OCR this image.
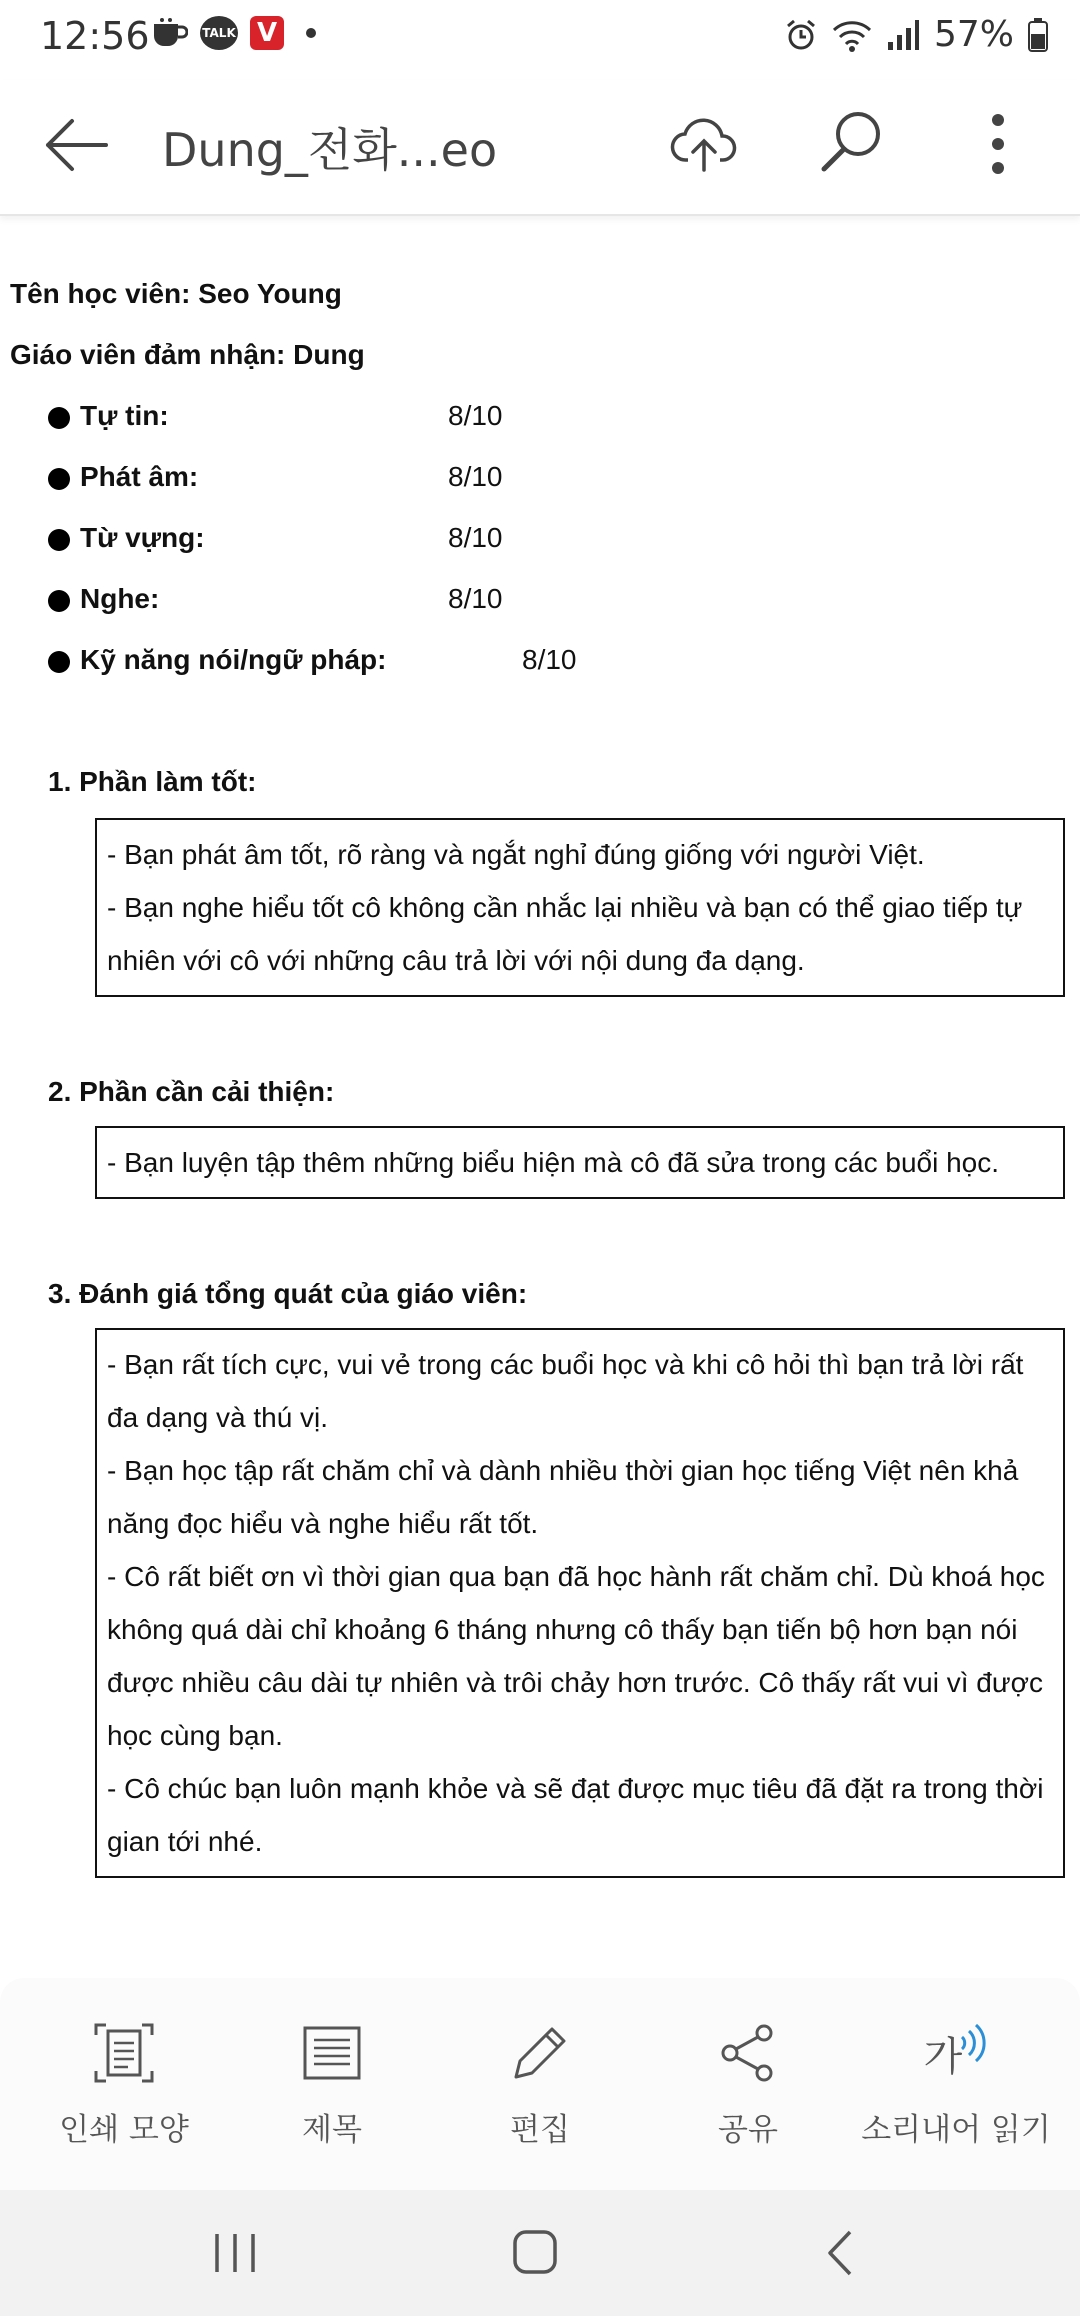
12:56	TALK V	57%
Dung_전화...eo
Tên học viên: Seo Young
Giáo viên đảm nhận: Dung
Tự tin:	8/10
Phát âm:	8/10
Từ vựng:	8/10
Nghe:	8/10
Kỹ năng nói/ngữ pháp:	8/10
1. Phần làm tốt:

- Bạn phát âm tốt, rõ ràng và ngắt nghỉ đúng giống với người Việt.

- Bạn nghe hiểu tốt cô không cần nhắc lại nhiều và bạn có thể giao tiếp tự nhiên với cô với những câu trả lời với nội dung đa dạng.

2. Phần cần cải thiện:

- Bạn luyện tập thêm những biểu hiện mà cô đã sửa trong các buổi học.

3. Đánh giá tổng quát của giáo viên:

- Bạn rất tích cực, vui vẻ trong các buổi học và khi cô hỏi thì bạn trả lời rất đa dạng và thú vị.

- Bạn học tập rất chăm chỉ và dành nhiều thời gian học tiếng Việt nên khả năng đọc hiểu và nghe hiểu rất tốt.

- Cô rất biết ơn vì thời gian qua bạn đã học hành rất chăm chỉ. Dù khoá học không quá dài chỉ khoảng 6 tháng nhưng cô thấy bạn tiến bộ hơn bạn nói được nhiều câu dài tự nhiên và trôi chảy hơn trước. Cô thấy rất vui vì được học cùng bạn.

- Cô chúc bạn luôn mạnh khỏe và sẽ đạt được mục tiêu đã đặt ra trong thời gian tới nhé.

인쇄 모양	제목	편집	공유
가
소리내어 읽기
